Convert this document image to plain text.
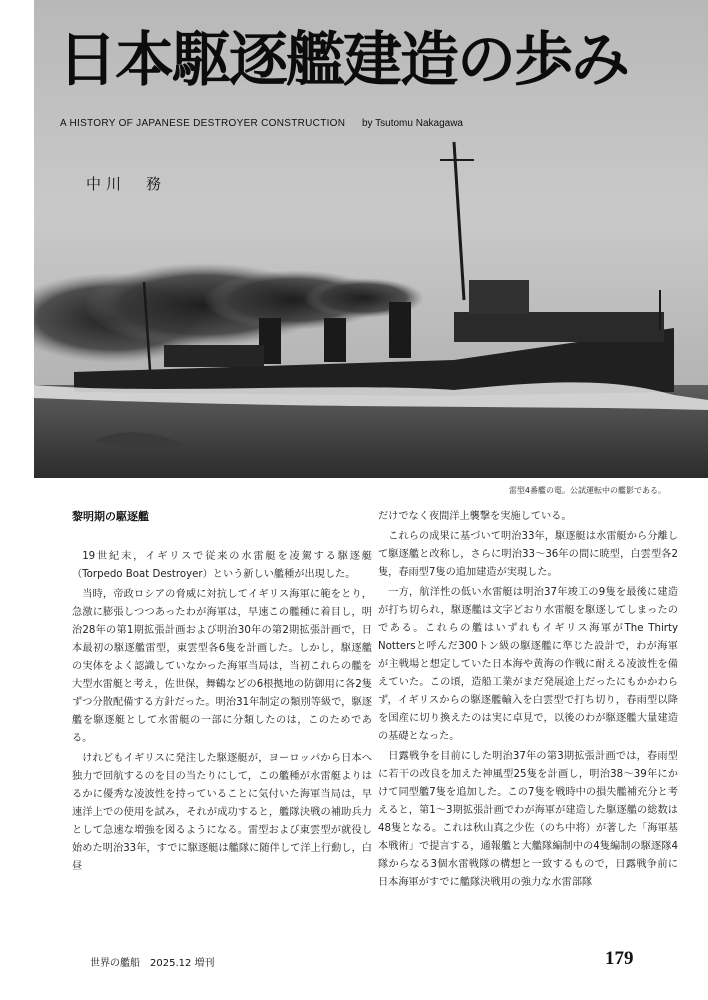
日本駆逐艦建造の歩み
A HISTORY OF JAPANESE DESTROYER CONSTRUCTION by Tsutomu Nakagawa
中川　務
雷型4番艦の電。公試運転中の艦影である。
黎明期の駆逐艦

19世紀末，イギリスで従来の水雷艇を凌駕する駆逐艇（Torpedo Boat Destroyer）という新しい艦種が出現した。

当時，帝政ロシアの脅威に対抗してイギリス海軍に範をとり，急激に膨張しつつあったわが海軍は，早速この艦種に着目し，明治28年の第1期拡張計画および明治30年の第2期拡張計画で，日本最初の駆逐艦雷型，東雲型各6隻を計画した。しかし，駆逐艦の実体をよく認識していなかった海軍当局は，当初これらの艦を大型水雷艇と考え，佐世保，舞鶴などの6根拠地の防御用に各2隻ずつ分散配備する方針だった。明治31年制定の類別等級で，駆逐艦を駆逐艇として水雷艇の一部に分類したのは，このためである。

けれどもイギリスに発注した駆逐艇が，ヨーロッパから日本へ独力で回航するのを目の当たりにして，この艦種が水雷艇よりはるかに優秀な凌波性を持っていることに気付いた海軍当局は，早速洋上での使用を試み，それが成功すると，艦隊決戦の補助兵力として急速な増強を図るようになる。雷型および東雲型が就役し始めた明治33年，すでに駆逐艇は艦隊に随伴して洋上行動し，白昼

だけでなく夜間洋上襲撃を実施している。

これらの成果に基づいて明治33年，駆逐艇は水雷艇から分離して駆逐艦と改称し，さらに明治33～36年の間に暁型，白雲型各2隻，春雨型7隻の追加建造が実現した。

一方，航洋性の低い水雷艇は明治37年竣工の9隻を最後に建造が打ち切られ，駆逐艦は文字どおり水雷艇を駆逐してしまったのである。これらの艦はいずれもイギリス海軍がThe Thirty Nottersと呼んだ300トン級の駆逐艦に準じた設計で，わが海軍が主戦場と想定していた日本海や黄海の作戦に耐える凌波性を備えていた。この頃，造船工業がまだ発展途上だったにもかかわらず，イギリスからの駆逐艦輸入を白雲型で打ち切り，春雨型以降を国産に切り換えたのは実に卓見で，以後のわが駆逐艦大量建造の基礎となった。

日露戦争を目前にした明治37年の第3期拡張計画では，春雨型に若干の改良を加えた神風型25隻を計画し，明治38～39年にかけて同型艦7隻を追加した。この7隻を戦時中の損失艦補充分と考えると，第1～3期拡張計画でわが海軍が建造した駆逐艦の総数は48隻となる。これは秋山真之少佐（のち中将）が著した「海軍基本戦術」で提言する，通報艦と大艦隊編制中の4隻編制の駆逐隊4隊からなる3個水雷戦隊の構想と一致するもので，日露戦争前に日本海軍がすでに艦隊決戦用の強力な水雷部隊

世界の艦船　2025.12 増刊	179
